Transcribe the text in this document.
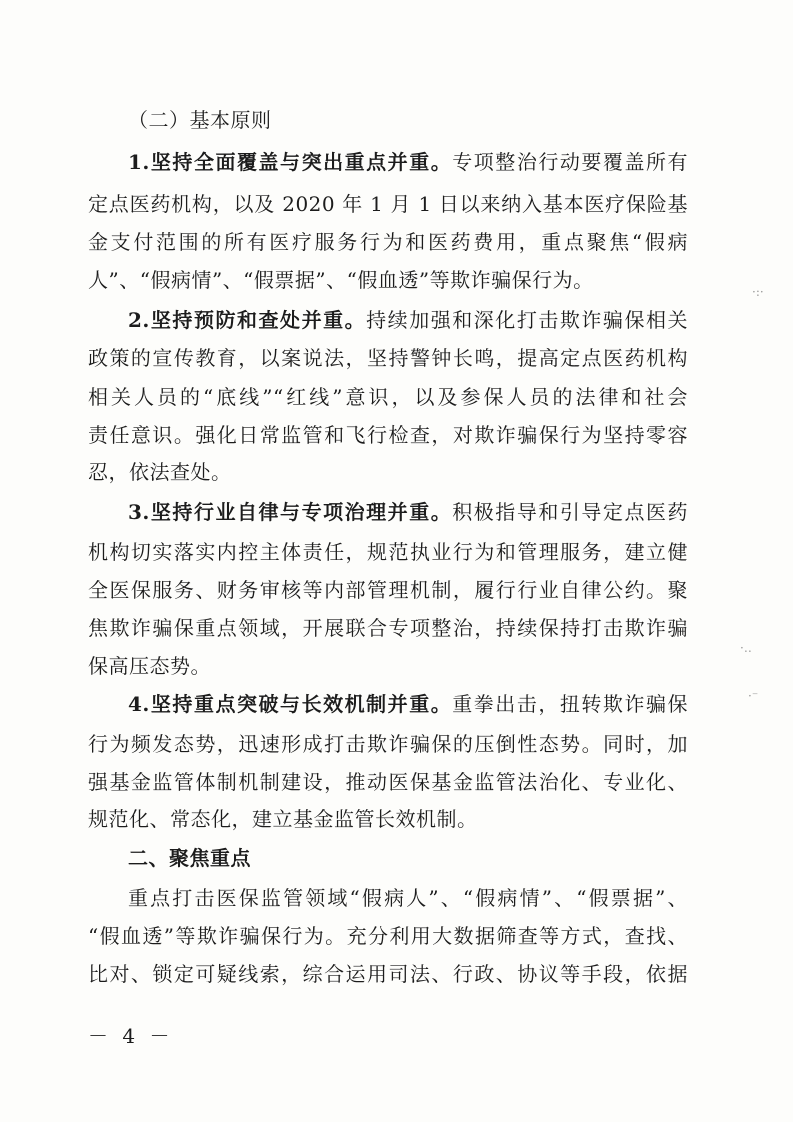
（二）基本原则
1.坚持全面覆盖与突出重点并重。专项整治行动要覆盖所有
定点医药机构，以及 2020 年 1 月 1 日以来纳入基本医疗保险基
金支付范围的所有医疗服务行为和医药费用，重点聚焦“假病
人”、“假病情”、“假票据”、“假血透”等欺诈骗保行为。
2.坚持预防和查处并重。持续加强和深化打击欺诈骗保相关
政策的宣传教育，以案说法，坚持警钟长鸣，提高定点医药机构
相关人员的“底线”“红线”意识，以及参保人员的法律和社会
责任意识。强化日常监管和飞行检查，对欺诈骗保行为坚持零容
忍，依法查处。
3.坚持行业自律与专项治理并重。积极指导和引导定点医药
机构切实落实内控主体责任，规范执业行为和管理服务，建立健
全医保服务、财务审核等内部管理机制，履行行业自律公约。聚
焦欺诈骗保重点领域，开展联合专项整治，持续保持打击欺诈骗
保高压态势。
4.坚持重点突破与长效机制并重。重拳出击，扭转欺诈骗保
行为频发态势，迅速形成打击欺诈骗保的压倒性态势。同时，加
强基金监管体制机制建设，推动医保基金监管法治化、专业化、
规范化、常态化，建立基金监管长效机制。
二、聚焦重点
重点打击医保监管领域“假病人”、“假病情”、“假票据”、
“假血透”等欺诈骗保行为。充分利用大数据筛查等方式，查找、
比对、锁定可疑线索，综合运用司法、行政、协议等手段，依据
－ 4 －
·:·
·‥
·⁻
